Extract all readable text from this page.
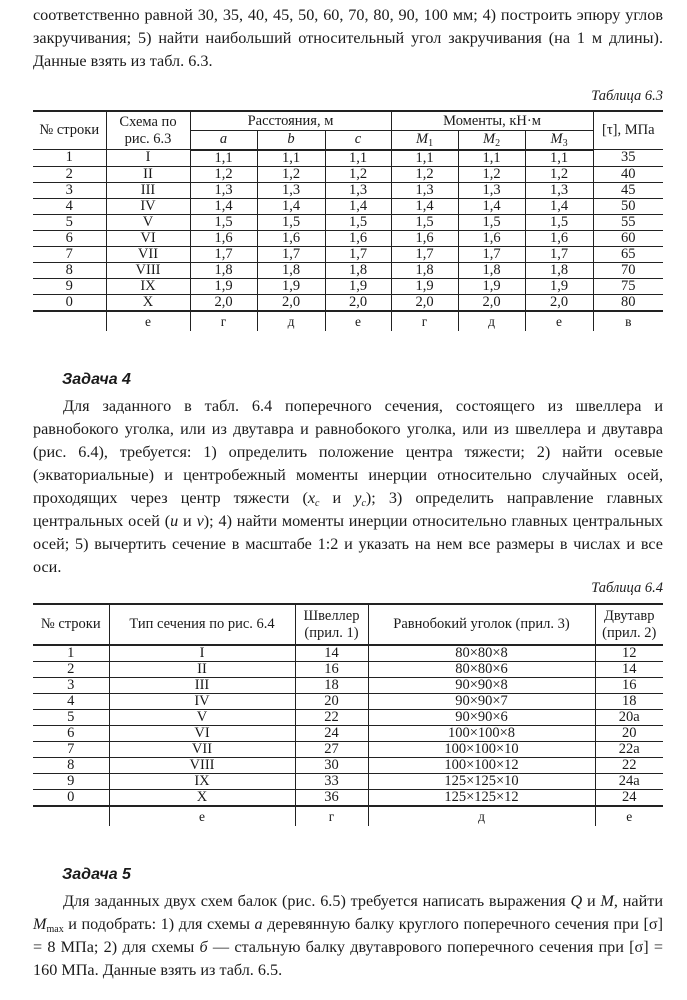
соответственно равной 30, 35, 40, 45, 50, 60, 70, 80, 90, 100 мм; 4) построить эпюру углов закручивания; 5) найти наибольший относительный угол закручивания (на 1 м длины). Данные взять из табл. 6.3.
Таблица 6.3
№ строки	Схема по рис. 6.3	Расстояния, м			Моменты, кН·м			[τ], МПа
		a	b	c	$M_1$	$M_2$	$M_3$
1	I	1,1	1,1	1,1	1,1	1,1	1,1	35
2	II	1,2	1,2	1,2	1,2	1,2	1,2	40
3	III	1,3	1,3	1,3	1,3	1,3	1,3	45
4	IV	1,4	1,4	1,4	1,4	1,4	1,4	50
5	V	1,5	1,5	1,5	1,5	1,5	1,5	55
6	VI	1,6	1,6	1,6	1,6	1,6	1,6	60
7	VII	1,7	1,7	1,7	1,7	1,7	1,7	65
8	VIII	1,8	1,8	1,8	1,8	1,8	1,8	70
9	IX	1,9	1,9	1,9	1,9	1,9	1,9	75
0	X	2,0	2,0	2,0	2,0	2,0	2,0	80
	е	г	д	е	г	д	е	в
Задача 4
Для заданного в табл. 6.4 поперечного сечения, состоящего из швеллера и равнобокого уголка, или из двутавра и равнобокого уголка, или из швеллера и двутавра (рис. 6.4), требуется: 1) определить положение центра тяжести; 2) найти осевые (экваториальные) и центробежный моменты инерции относительно случайных осей, проходящих через центр тяжести ($x_c$ и $y_c$); 3) определить направление главных центральных осей (u и v); 4) найти моменты инерции относительно главных центральных осей; 5) вычертить сечение в масштабе 1:2 и указать на нем все размеры в числах и все оси.
Таблица 6.4
№ строки	Тип сечения по рис. 6.4	Швеллер (прил. 1)	Равнобокий уголок (прил. 3)	Двутавр (прил. 2)
1	I	14	80×80×8	12
2	II	16	80×80×6	14
3	III	18	90×90×8	16
4	IV	20	90×90×7	18
5	V	22	90×90×6	20a
6	VI	24	100×100×8	20
7	VII	27	100×100×10	22a
8	VIII	30	100×100×12	22
9	IX	33	125×125×10	24a
0	X	36	125×125×12	24
	е	г	д	е
Задача 5
Для заданных двух схем балок (рис. 6.5) требуется написать выражения Q и M, найти $M_{max}$ и подобрать: 1) для схемы а деревянную балку круглого поперечного сечения при [σ] = 8 МПа; 2) для схемы б — стальную балку двутаврового поперечного сечения при [σ] = 160 МПа. Данные взять из табл. 6.5.
